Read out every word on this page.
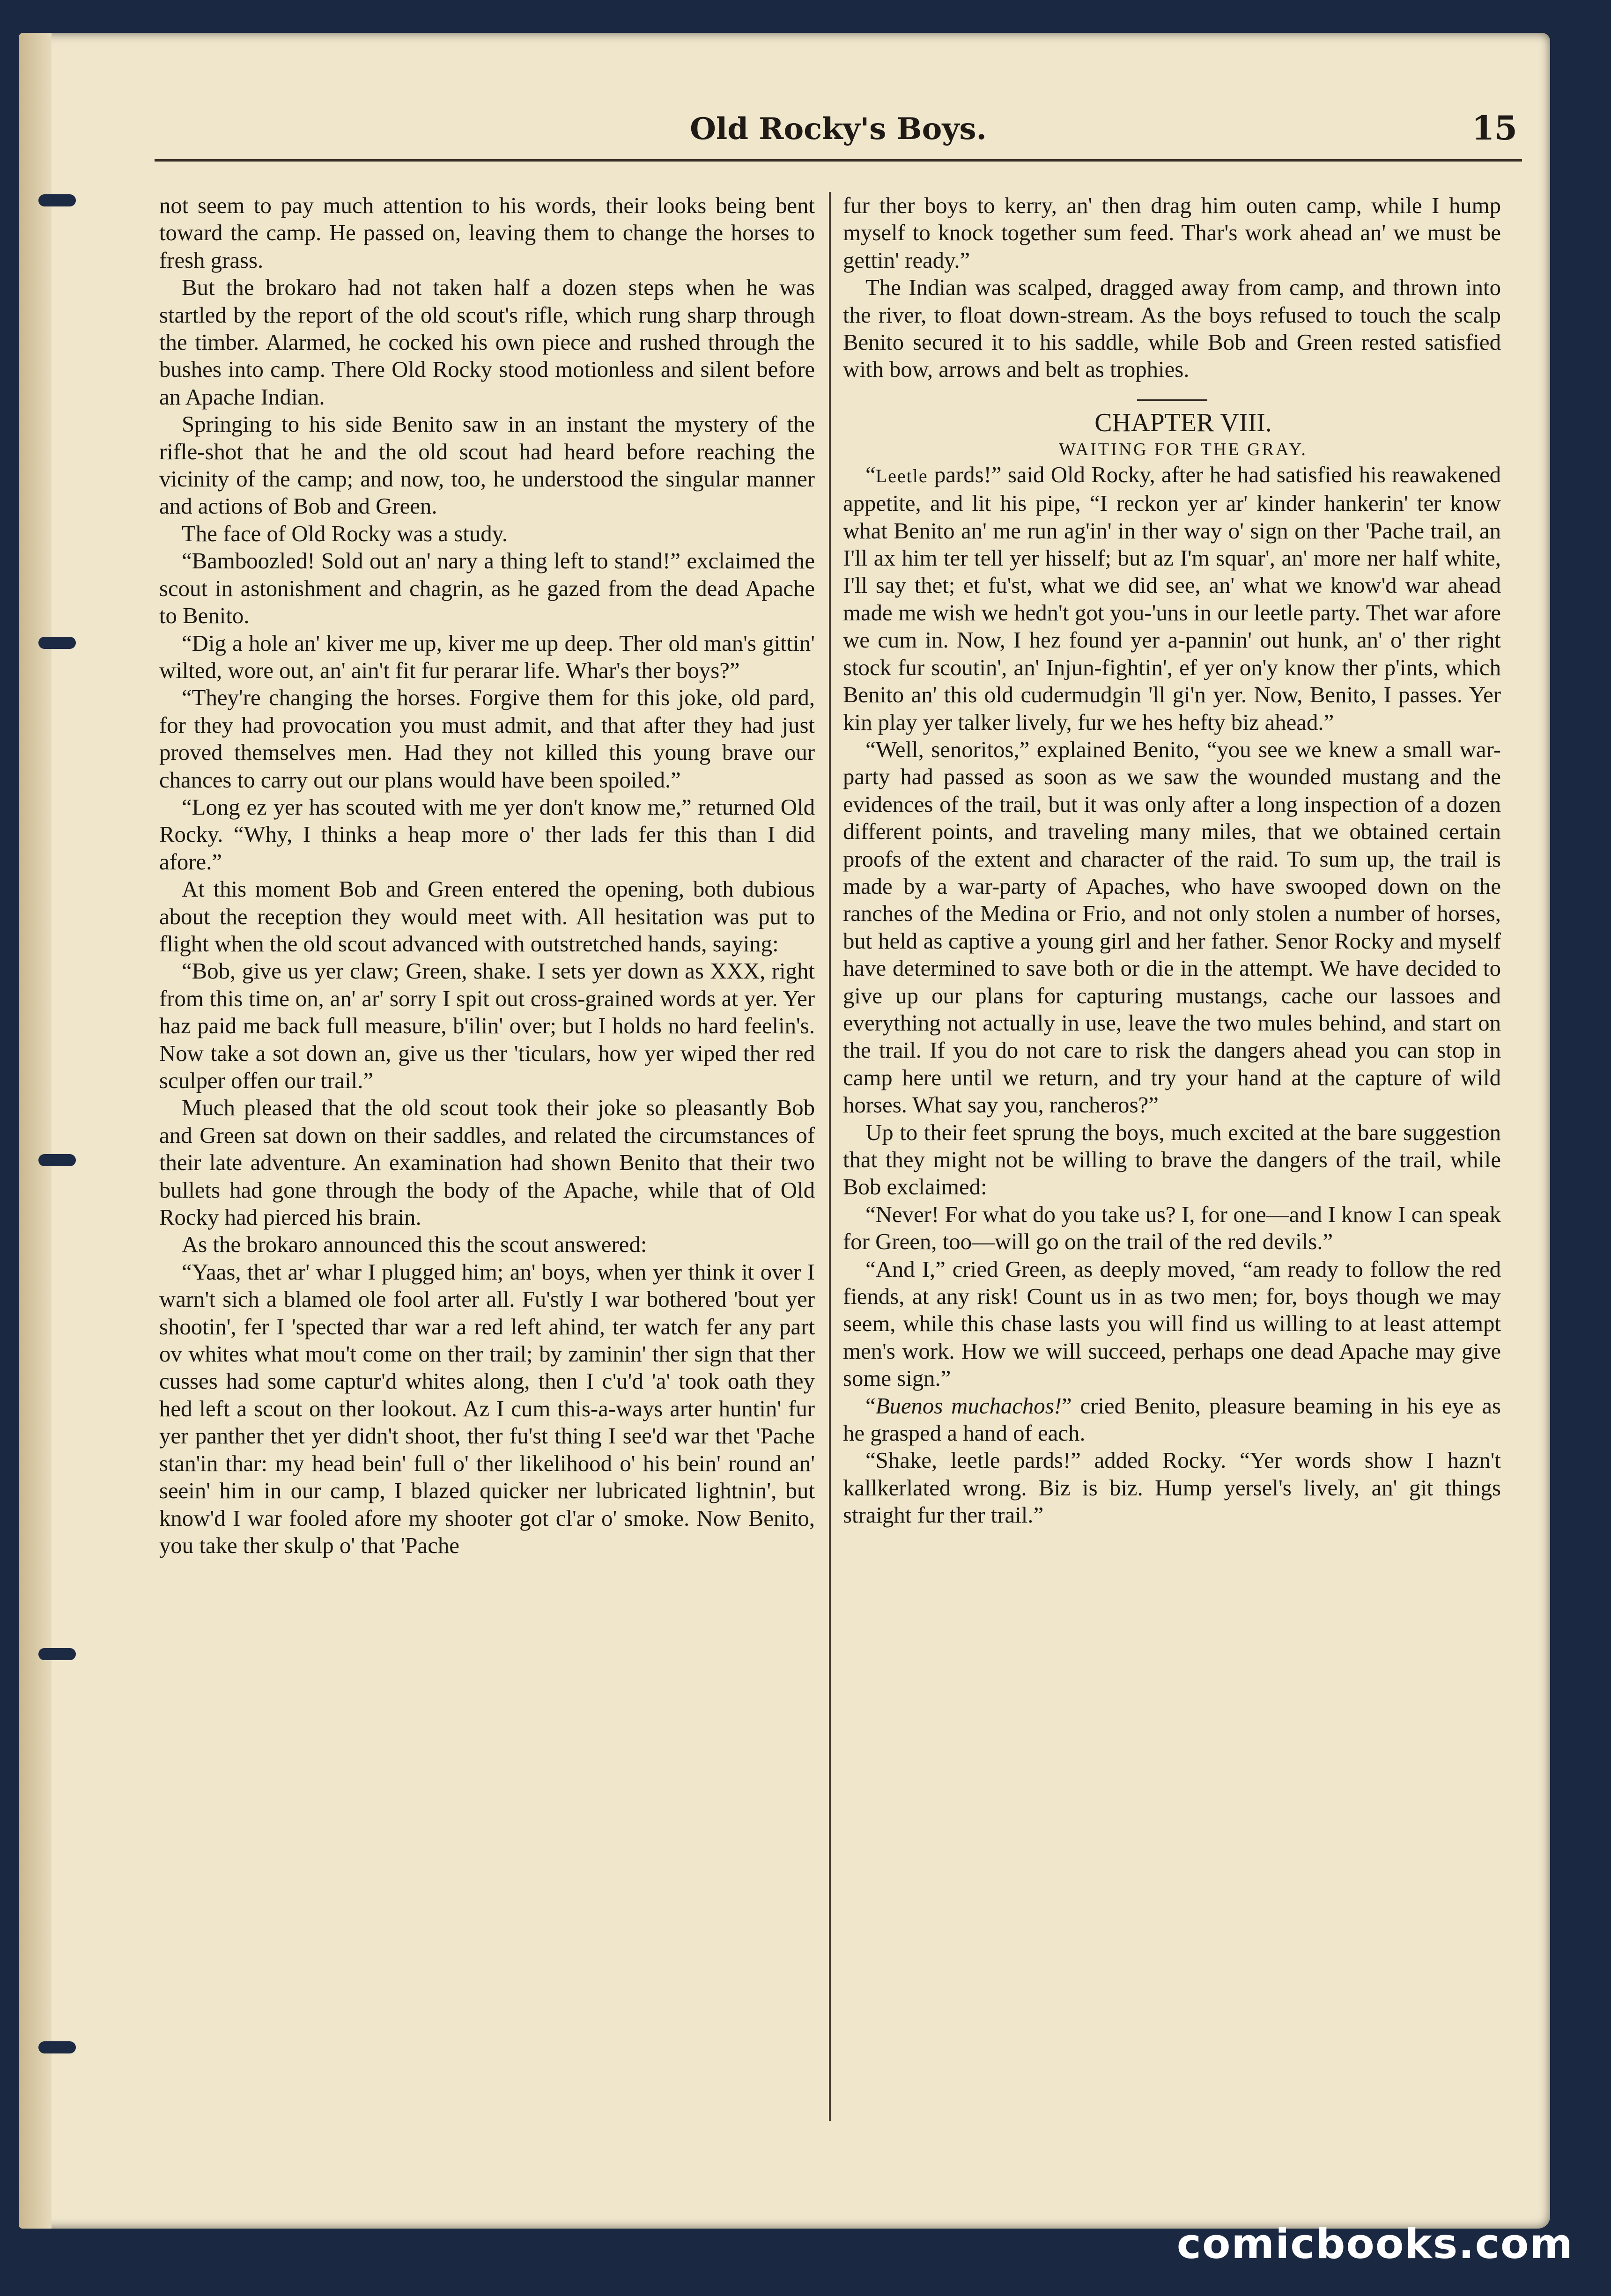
Old Rocky's Boys.	15

not seem to pay much attention to his words, their looks being bent toward the camp. He passed on, leaving them to change the horses to fresh grass.

But the brokaro had not taken half a dozen steps when he was startled by the report of the old scout's rifle, which rung sharp through the timber. Alarmed, he cocked his own piece and rushed through the bushes into camp. There Old Rocky stood motionless and silent before an Apache Indian.

Springing to his side Benito saw in an instant the mystery of the rifle-shot that he and the old scout had heard before reaching the vicinity of the camp; and now, too, he understood the singular manner and actions of Bob and Green.

The face of Old Rocky was a study.

“Bamboozled! Sold out an' nary a thing left to stand!” exclaimed the scout in astonishment and chagrin, as he gazed from the dead Apache to Benito.

“Dig a hole an' kiver me up, kiver me up deep. Ther old man's gittin' wilted, wore out, an' ain't fit fur perarar life. Whar's ther boys?”

“They're changing the horses. Forgive them for this joke, old pard, for they had provocation you must admit, and that after they had just proved themselves men. Had they not killed this young brave our chances to carry out our plans would have been spoiled.”

“Long ez yer has scouted with me yer don't know me,” returned Old Rocky. “Why, I thinks a heap more o' ther lads fer this than I did afore.”

At this moment Bob and Green entered the opening, both dubious about the reception they would meet with. All hesitation was put to flight when the old scout advanced with outstretched hands, saying:

“Bob, give us yer claw; Green, shake. I sets yer down as XXX, right from this time on, an' ar' sorry I spit out cross-grained words at yer. Yer haz paid me back full measure, b'ilin' over; but I holds no hard feelin's. Now take a sot down an, give us ther 'ticulars, how yer wiped ther red sculper offen our trail.”

Much pleased that the old scout took their joke so pleasantly Bob and Green sat down on their saddles, and related the circumstances of their late adventure. An examination had shown Benito that their two bullets had gone through the body of the Apache, while that of Old Rocky had pierced his brain.

As the brokaro announced this the scout answered:

“Yaas, thet ar' whar I plugged him; an' boys, when yer think it over I warn't sich a blamed ole fool arter all. Fu'stly I war bothered 'bout yer shootin', fer I 'spected thar war a red left ahind, ter watch fer any part ov whites what mou't come on ther trail; by zaminin' ther sign that ther cusses had some captur'd whites along, then I c'u'd 'a' took oath they hed left a scout on ther lookout. Az I cum this-a-ways arter huntin' fur yer panther thet yer didn't shoot, ther fu'st thing I see'd war thet 'Pache stan'in thar: my head bein' full o' ther likelihood o' his bein' round an' seein' him in our camp, I blazed quicker ner lubricated lightnin', but know'd I war fooled afore my shooter got cl'ar o' smoke. Now Benito, you take ther skulp o' that 'Pache

fur ther boys to kerry, an' then drag him outen camp, while I hump myself to knock together sum feed. Thar's work ahead an' we must be gettin' ready.”

The Indian was scalped, dragged away from camp, and thrown into the river, to float down-stream. As the boys refused to touch the scalp Benito secured it to his saddle, while Bob and Green rested satisfied with bow, arrows and belt as trophies.

CHAPTER VIII.

WAITING FOR THE GRAY.

“Leetle pards!” said Old Rocky, after he had satisfied his reawakened appetite, and lit his pipe, “I reckon yer ar' kinder hankerin' ter know what Benito an' me run ag'in' in ther way o' sign on ther 'Pache trail, an I'll ax him ter tell yer hisself; but az I'm squar', an' more ner half white, I'll say thet; et fu'st, what we did see, an' what we know'd war ahead made me wish we hedn't got you-'uns in our leetle party. Thet war afore we cum in. Now, I hez found yer a-pannin' out hunk, an' o' ther right stock fur scoutin', an' Injun-fightin', ef yer on'y know ther p'ints, which Benito an' this old cudermudgin 'll gi'n yer. Now, Benito, I passes. Yer kin play yer talker lively, fur we hes hefty biz ahead.”

“Well, senoritos,” explained Benito, “you see we knew a small war-party had passed as soon as we saw the wounded mustang and the evidences of the trail, but it was only after a long inspection of a dozen different points, and traveling many miles, that we obtained certain proofs of the extent and character of the raid. To sum up, the trail is made by a war-party of Apaches, who have swooped down on the ranches of the Medina or Frio, and not only stolen a number of horses, but held as captive a young girl and her father. Senor Rocky and myself have determined to save both or die in the attempt. We have decided to give up our plans for capturing mustangs, cache our lassoes and everything not actually in use, leave the two mules behind, and start on the trail. If you do not care to risk the dangers ahead you can stop in camp here until we return, and try your hand at the capture of wild horses. What say you, rancheros?”

Up to their feet sprung the boys, much excited at the bare suggestion that they might not be willing to brave the dangers of the trail, while Bob exclaimed:

“Never! For what do you take us? I, for one—and I know I can speak for Green, too—will go on the trail of the red devils.”

“And I,” cried Green, as deeply moved, “am ready to follow the red fiends, at any risk! Count us in as two men; for, boys though we may seem, while this chase lasts you will find us willing to at least attempt men's work. How we will succeed, perhaps one dead Apache may give some sign.”

“Buenos muchachos!” cried Benito, pleasure beaming in his eye as he grasped a hand of each.

“Shake, leetle pards!” added Rocky. “Yer words show I hazn't kallkerlated wrong. Biz is biz. Hump yersel's lively, an' git things straight fur ther trail.”

comicbooks.com
